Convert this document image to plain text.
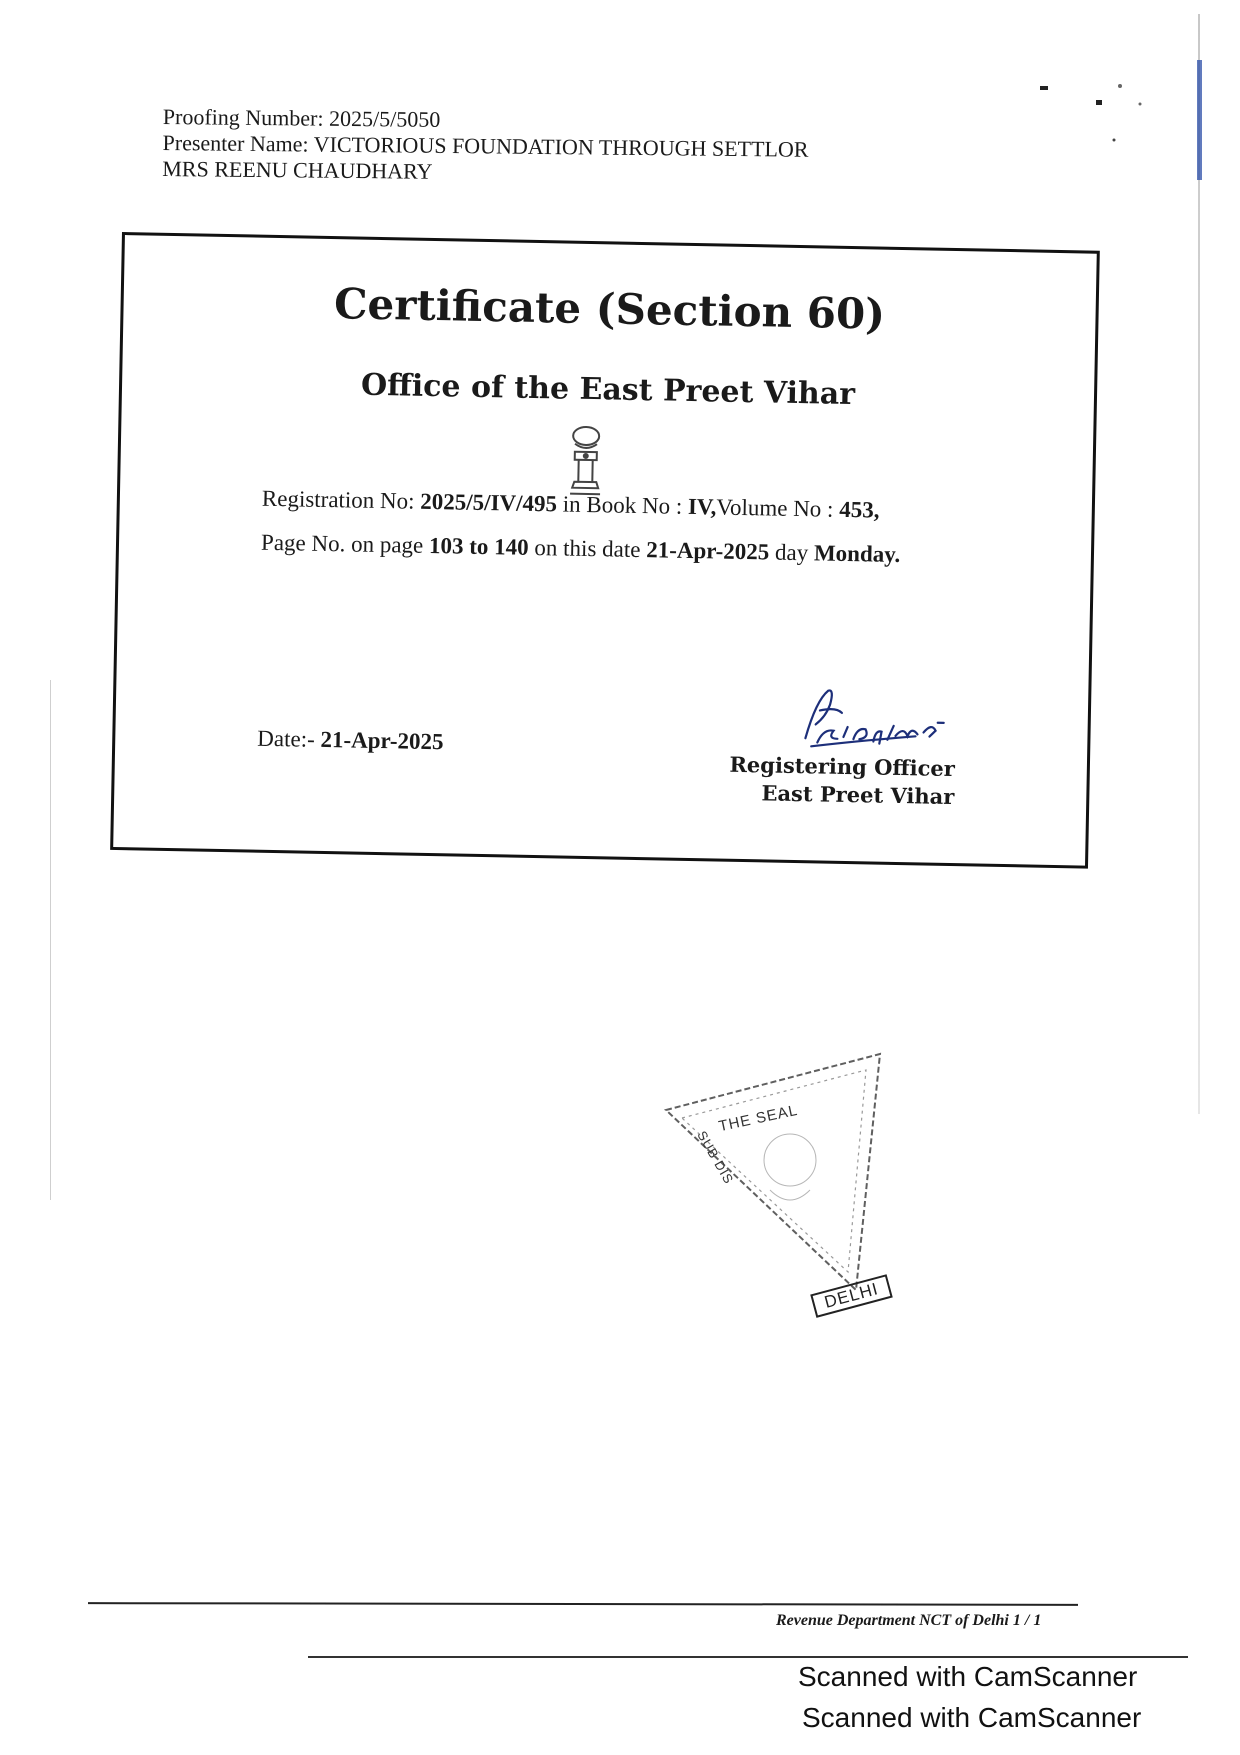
Proofing Number: 2025/5/5050
Presenter Name: VICTORIOUS FOUNDATION THROUGH SETTLOR
MRS REENU CHAUDHARY
Certificate (Section 60)
Office of the East Preet Vihar
Registration No: 2025/5/IV/495 in Book No : IV,Volume No : 453,
Page No. on page 103 to 140 on this date 21-Apr-2025 day Monday.
Date:- 21-Apr-2025
Registering Officer
East Preet Vihar
THE SEAL
SUB DIS
DELHI
Revenue Department NCT of Delhi 1 / 1
Scanned with CamScanner
Scanned with CamScanner
